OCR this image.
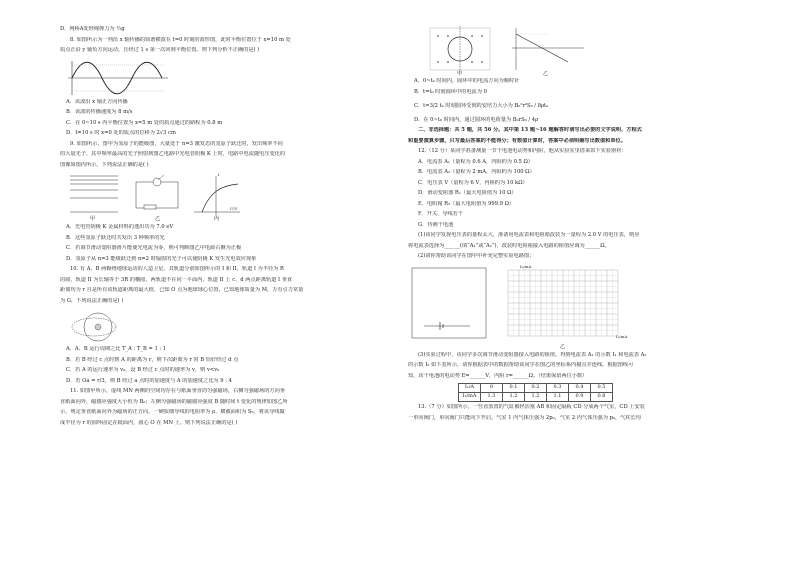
D．网桥A处轻绳弹力为 ½g
8. 如图所示为一列沿 x 轴传播的简谐横波在 t=0 时刻的波形图，此时平衡位置位于 x=10 m 处
质点正沿 y 轴负方向运动，且经过 1 s 第一次回到平衡位置。则下列分析不正确的是( )
A．该波沿 x 轴正方向传播
B．该波的传播速度为 8 m/s
C．在 0~10 s 内平衡位置为 x=5 m 处的质点通过的路程为 0.8 m
D．t=10 s 时 x=0 处的质点的位移为 2√3 cm
9. 如图所示，图甲为氢原子的能级图，大量处于 n=3 激发态的氢原子跃迁时，发出频率不同
的大量光子，其中频率最高的光子照射到图乙电路中光电管阴极 K 上时，电路中电流随电压变化的
图像如图丙所示。下列说法正确的是( )
甲	乙	丙
U/V
I
A．光电管阴极 K 金属材料的逸出功为 7.0 eV
B．这些氢原子跃迁时共发出 3 种频率的光
C．若调节滑动变阻器滑片能使光电流为零，则可判断图乙中电源右侧为正极
D．氢原子从 n=3 能级跃迁到 n=2 时辐射的光子可以使阴极 K 发生光电效应现象
10. 有 A、B 两颗绕地球运动的人造卫星，其轨道分别如图所示的 I 和 II，轨道 I 为半径为 R
的圆，轨道 II 为长轴等于 3R 的椭圆，两轨道不在同一平面内，轨道 II 上 c、d 两点距离轨道 I 垂直
距离均为 r 且是所有该轨道距离的最大值，已知 O 点为地球球心位置，已知地球质量为 M，万有引力常量
为 G，下列说法正确的是( )
A．A、B 运行周期之比 T_A : T_B = 1 : 1
B．若 B 经过 c 点时到 A 的距离为 r，则下次距离为 r 时 B 恰好经过 d 点
C．若 A 的运行速率为 v₀，设 B 经过 c 点时的速率为 v，则 v<v₀
D．若 Oa = r/3，则 B 经过 a 点时的加速度与 A 的加速度之比为 9 : 4
11. 如图甲所示，虚线 MN 两侧的空间均存在与纸面垂直的匀强磁场，右侧匀强磁场的方向垂
直纸面向外，磁感应强度大小恒为 B₀；左侧匀强磁场的磁感应强度 B 随时间 t 变化的规律如图乙所
示，规定垂直纸面向外为磁场的正方向。一硬质细导线的电阻率为 ρ、横截面积为 S₀，将该导线做
成半径为 r 的圆环固定在纸面内，圆心 O 在 MN 上。则下列说法正确的是( )
甲	乙
A．0~t₀ 时间内，圆环中的电流方向为顺时针
B．t=t₀ 时刻圆环中的电流为 0
C．t=3/2 t₀ 时刻圆环受到的安培力大小为 B₀²r²S₀ / 8ρt₀
D．在 0~t₀ 时间内，通过圆环的电荷量为 B₀rS₀ / 4ρ
二、非选择题：共 5 题，共 56 分。其中第 13 题~16 题解答时请写出必要的文字说明、方程式
和重要演算步骤，只写最后答案的不能得分；有数值计算时，答案中必须明确写出数值和单位。
12.（12 分）某同学准备测量一节干电池电动势和内阻，他从实验室里借来如下实验器材：
A．电流表 A₁（量程为 0.6 A，内阻约为 0.5 Ω）
B．电流表 A₂（量程为 2 mA，内阻约为 100 Ω）
C．电压表 V（量程为 6 V，内阻约为 10 kΩ）
D．滑动变阻器 R₁（最大电阻值为 10 Ω）
E．电阻箱 R₂（最大电阻值为 999.9 Ω）
F．开关、导线若干
G．待测干电池
(1)该同学发现电压表的量程太大，准备用电流表和电阻箱改装为一量程为 2.0 V 的电压表，则应
将电流表选择为______(填“A₁”或“A₂”)，改装时电阻箱接入电路的阻值应调为______Ω。
(2)请你帮助该同学在图甲中补充完整实验电路图；
I₂/mA
I₁/mA
乙
(3)实验过程中，该同学多次调节滑动变阻器接入电路的阻值，得到电流表 A₁ 的示数 I₁ 和电流表 A₂
的示数 I₂ 如下表所示，请你根据表中的数据帮助该同学在图乙的坐标系内描点并连线。根据图线可
知，该干电池的电动势 E=______V，内阻 r=______Ω。（结果保留两位小数）
I₁/A	0	0.1	0.2	0.3	0.4	0.5
I₂/mA	1.3	1.2	1.2	1.1	0.9	0.8
13.（7 分）如图所示，一竖直放置的气缸被轻活塞 AB 和固定隔板 CD 分成两个气室，CD 上安装
一单向阀门，单向阀门只能向下开启。气室 1 内气体压强为 2p₀，气室 2 内气体压强为 p₀，气柱长均
